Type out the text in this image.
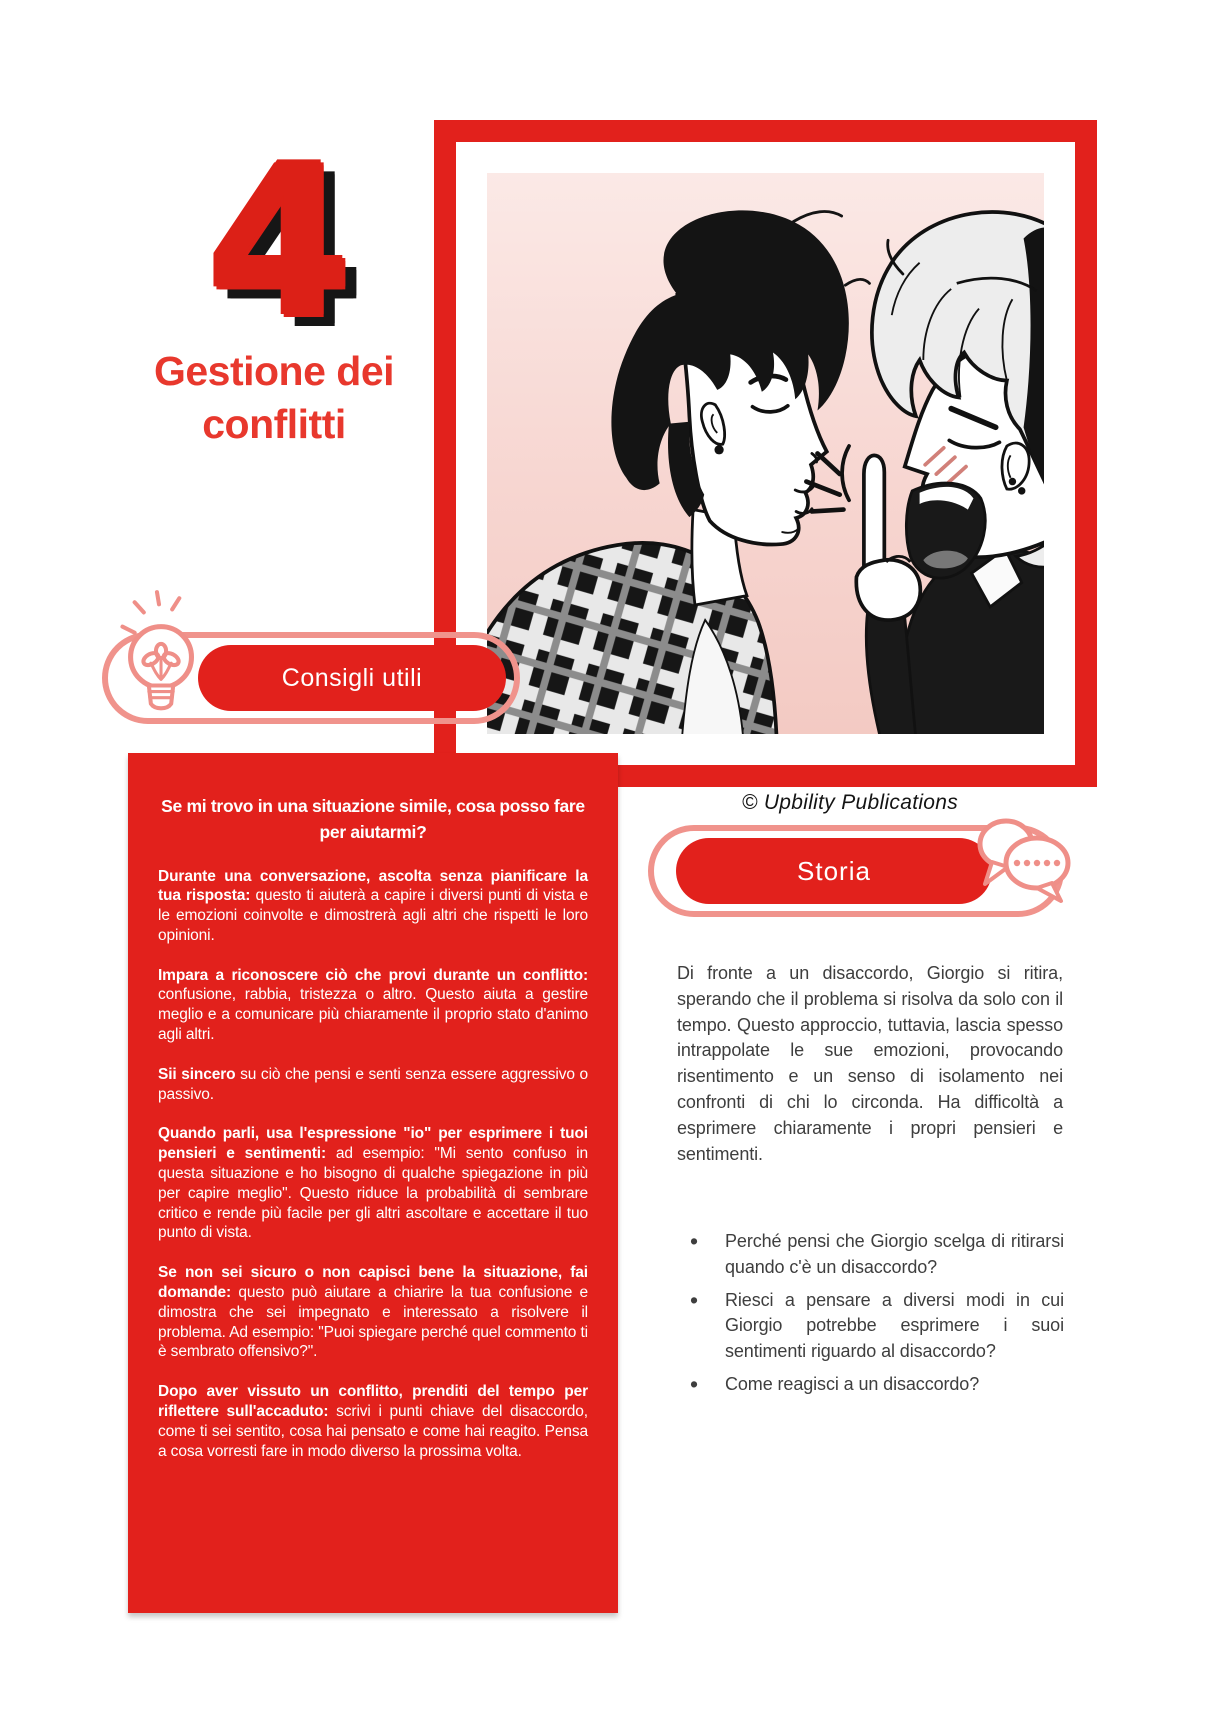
4
Gestione dei conflitti
Consigli utili
© Upbility Publications
Storia

Se mi trovo in una situazione simile, cosa posso fare per aiutarmi?

Durante una conversazione, ascolta senza pianificare la tua risposta: questo ti aiuterà a capire i diversi punti di vista e le emozioni coinvolte e dimostrerà agli altri che rispetti le loro opinioni.

Impara a riconoscere ciò che provi durante un conflitto: confusione, rabbia, tristezza o altro. Questo aiuta a gestire meglio e a comunicare più chiaramente il proprio stato d'animo agli altri.

Sii sincero su ciò che pensi e senti senza essere aggressivo o passivo.

Quando parli, usa l'espressione "io" per esprimere i tuoi pensieri e sentimenti: ad esempio: "Mi sento confuso in questa situazione e ho bisogno di qualche spiegazione in più per capire meglio". Questo riduce la probabilità di sembrare critico e rende più facile per gli altri ascoltare e accettare il tuo punto di vista.

Se non sei sicuro o non capisci bene la situazione, fai domande: questo può aiutare a chiarire la tua confusione e dimostra che sei impegnato e interessato a risolvere il problema. Ad esempio: "Puoi spiegare perché quel commento ti è sembrato offensivo?".

Dopo aver vissuto un conflitto, prenditi del tempo per riflettere sull'accaduto: scrivi i punti chiave del disaccordo, come ti sei sentito, cosa hai pensato e come hai reagito. Pensa a cosa vorresti fare in modo diverso la prossima volta.

Di fronte a un disaccordo, Giorgio si ritira, sperando che il problema si risolva da solo con il tempo. Questo approccio, tuttavia, lascia spesso intrappolate le sue emozioni, provocando risentimento e un senso di isolamento nei confronti di chi lo circonda. Ha difficoltà a esprimere chiaramente i propri pensieri e sentimenti.
•	Perché pensi che Giorgio scelga di ritirarsi quando c'è un disaccordo?
•	Riesci a pensare a diversi modi in cui Giorgio potrebbe esprimere i suoi sentimenti riguardo al disaccordo?
•	Come reagisci a un disaccordo?
